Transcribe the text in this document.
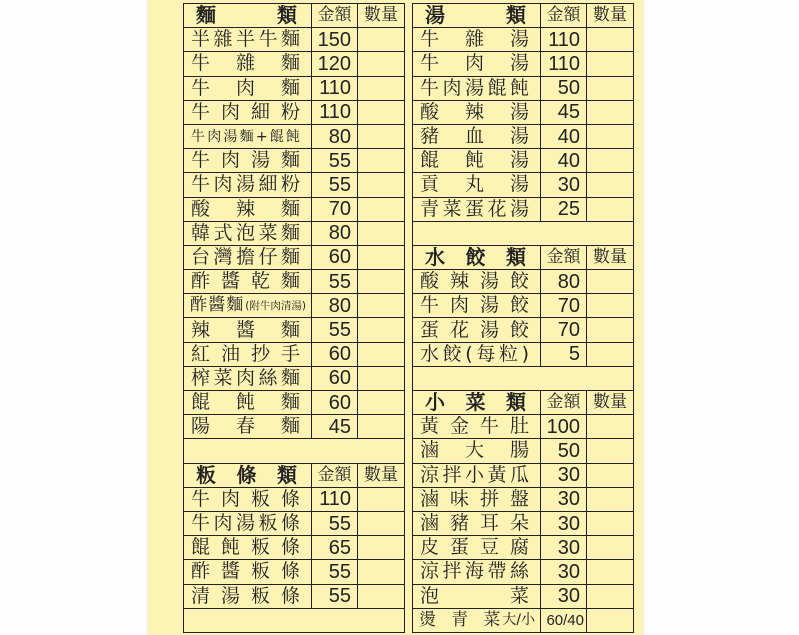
麵類	金額 數量
半雜半牛麵 150
牛雜麵 120
牛肉麵 110
牛肉細粉 110
牛肉湯麵+餛飩	80
牛肉湯麵	55
牛肉湯細粉	55
酸辣麵	70
韓式泡菜麵	80
台灣擔仔麵	60
酢醬乾麵	55
酢醬麵 (附牛肉清湯)	80
辣醬麵	55
紅油抄手	60
榨菜肉絲麵	60
餛飩麵	60
陽春麵	45
粄條類	金額 數量
牛肉粄條 110
牛肉湯粄條	55
餛飩粄條	65
酢醬粄條	55
清湯粄條	55
湯類	金額 數量
牛雜湯 110
牛肉湯 110
牛肉湯餛飩	50
酸辣湯	45
豬血湯	40
餛飩湯	40
貢丸湯	30
青菜蛋花湯	25
水餃類	金額 數量
酸辣湯餃	80
牛肉湯餃	70
蛋花湯餃	70
水餃(每粒)	5
小菜類	金額 數量
黃金牛肚 100
滷大腸	50
涼拌小黃瓜	30
滷味拼盤	30
滷豬耳朵	30
皮蛋豆腐	30
涼拌海帶絲	30
泡菜	30
燙青菜 大/小 60/40
